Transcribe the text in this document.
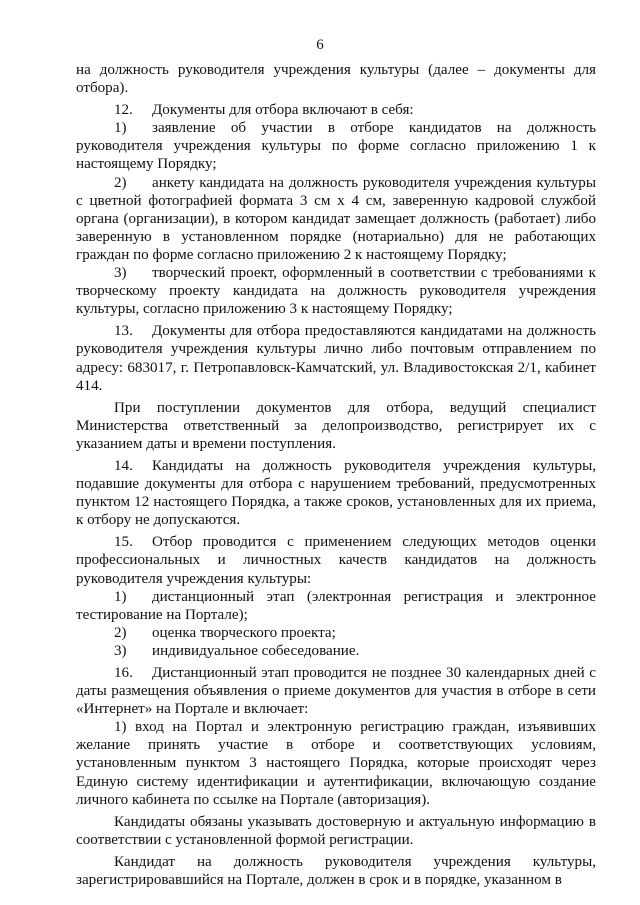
6

на должность руководителя учреждения культуры (далее – документы для отбора).

12. Документы для отбора включают в себя:

1) заявление об участии в отборе кандидатов на должность руководителя учреждения культуры по форме согласно приложению 1 к настоящему Порядку;

2) анкету кандидата на должность руководителя учреждения культуры с цветной фотографией формата 3 см х 4 см, заверенную кадровой службой органа (организации), в котором кандидат замещает должность (работает) либо заверенную в установленном порядке (нотариально) для не работающих граждан по форме согласно приложению 2 к настоящему Порядку;

3) творческий проект, оформленный в соответствии с требованиями к творческому проекту кандидата на должность руководителя учреждения культуры, согласно приложению 3 к настоящему Порядку;

13. Документы для отбора предоставляются кандидатами на должность руководителя учреждения культуры лично либо почтовым отправлением по адресу: 683017, г. Петропавловск-Камчатский, ул. Владивостокская 2/1, кабинет 414.

При поступлении документов для отбора, ведущий специалист Министерства ответственный за делопроизводство, регистрирует их с указанием даты и времени поступления.

14. Кандидаты на должность руководителя учреждения культуры, подавшие документы для отбора с нарушением требований, предусмотренных пунктом 12 настоящего Порядка, а также сроков, установленных для их приема, к отбору не допускаются.

15. Отбор проводится с применением следующих методов оценки профессиональных и личностных качеств кандидатов на должность руководителя учреждения культуры:

1) дистанционный этап (электронная регистрация и электронное тестирование на Портале);

2) оценка творческого проекта;

3) индивидуальное собеседование.

16. Дистанционный этап проводится не позднее 30 календарных дней с даты размещения объявления о приеме документов для участия в отборе в сети «Интернет» на Портале и включает:

1) вход на Портал и электронную регистрацию граждан, изъявивших желание принять участие в отборе и соответствующих условиям, установленным пунктом 3 настоящего Порядка, которые происходят через Единую систему идентификации и аутентификации, включающую создание личного кабинета по ссылке на Портале (авторизация).

Кандидаты обязаны указывать достоверную и актуальную информацию в соответствии с установленной формой регистрации.

Кандидат на должность руководителя учреждения культуры, зарегистрировавшийся на Портале, должен в срок и в порядке, указанном в
